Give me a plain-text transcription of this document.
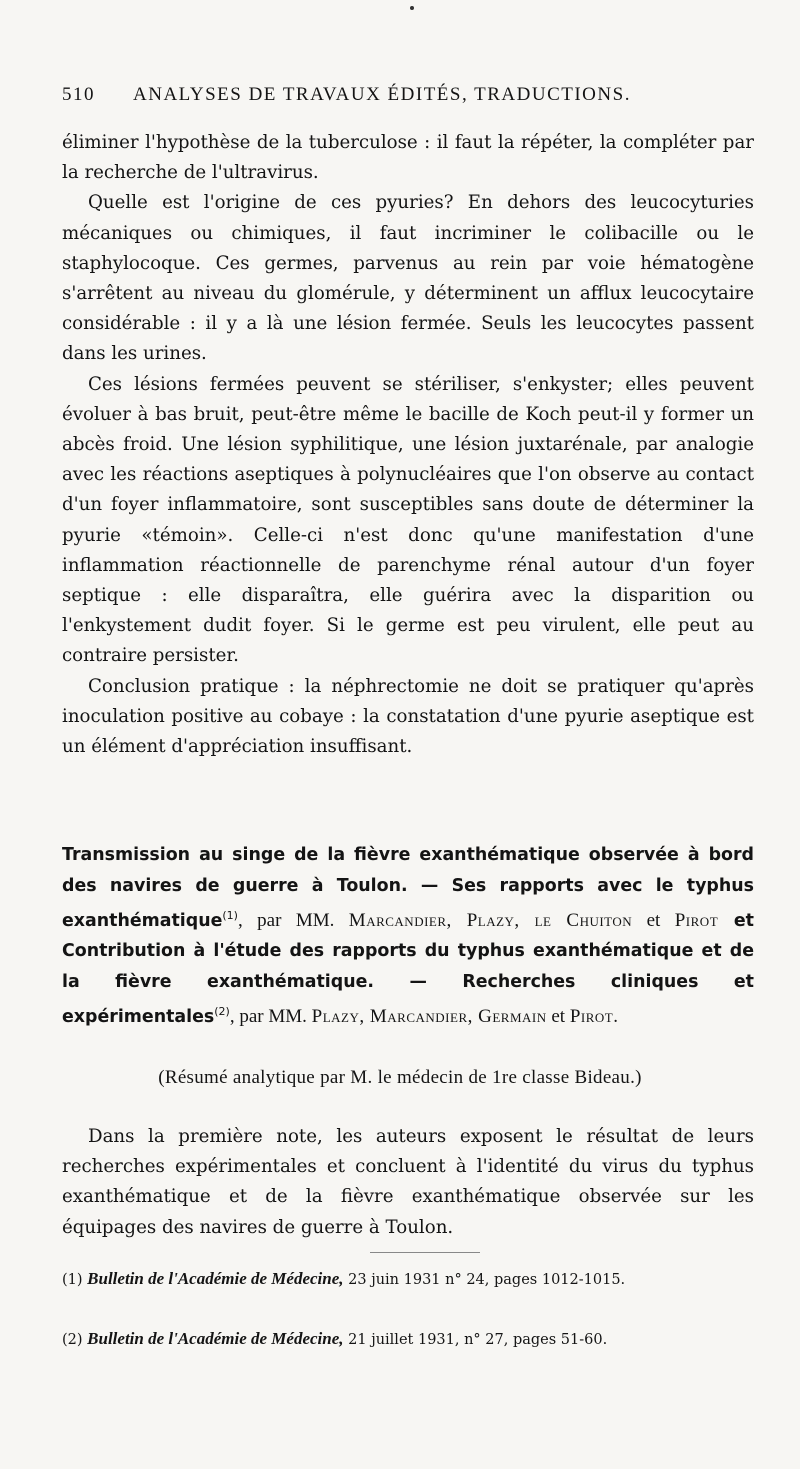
510 ANALYSES DE TRAVAUX ÉDITÉS, TRADUCTIONS.

éliminer l'hypothèse de la tuberculose : il faut la répéter, la compléter par la recherche de l'ultravirus.

Quelle est l'origine de ces pyuries? En dehors des leucocyturies mécaniques ou chimiques, il faut incriminer le colibacille ou le staphylocoque. Ces germes, parvenus au rein par voie hématogène s'arrêtent au niveau du glomérule, y déterminent un afflux leucocytaire considérable : il y a là une lésion fermée. Seuls les leucocytes passent dans les urines.

Ces lésions fermées peuvent se stériliser, s'enkyster; elles peuvent évoluer à bas bruit, peut-être même le bacille de Koch peut-il y former un abcès froid. Une lésion syphilitique, une lésion juxtarénale, par analogie avec les réactions aseptiques à polynucléaires que l'on observe au contact d'un foyer inflammatoire, sont susceptibles sans doute de déterminer la pyurie «témoin». Celle-ci n'est donc qu'une manifestation d'une inflammation réactionnelle de parenchyme rénal autour d'un foyer septique : elle disparaîtra, elle guérira avec la disparition ou l'enkystement dudit foyer. Si le germe est peu virulent, elle peut au contraire persister.

Conclusion pratique : la néphrectomie ne doit se pratiquer qu'après inoculation positive au cobaye : la constatation d'une pyurie aseptique est un élément d'appréciation insuffisant.

Transmission au singe de la fièvre exanthématique observée à bord des navires de guerre à Toulon. — Ses rapports avec le typhus exanthématique$^{(1)}$, par MM. Marcandier, Plazy, le Chuiton et Pirot et Contribution à l'étude des rapports du typhus exanthématique et de la fièvre exanthématique. — Recherches cliniques et expérimentales$^{(2)}$, par MM. Plazy, Marcandier, Germain et Pirot.
(Résumé analytique par M. le médecin de 1re classe Bideau.)

Dans la première note, les auteurs exposent le résultat de leurs recherches expérimentales et concluent à l'identité du virus du typhus exanthématique et de la fièvre exanthématique observée sur les équipages des navires de guerre à Toulon.

(1) Bulletin de l'Académie de Médecine, 23 juin 1931 n° 24, pages 1012-1015.
(2) Bulletin de l'Académie de Médecine, 21 juillet 1931, n° 27, pages 51-60.
